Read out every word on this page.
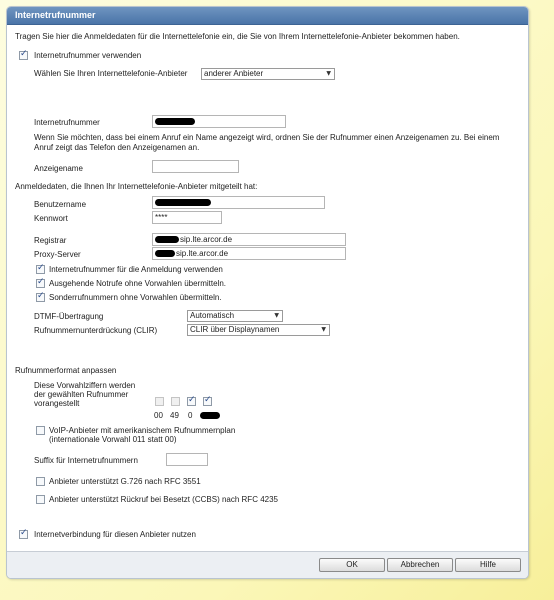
Internetrufnummer
Tragen Sie hier die Anmeldedaten für die Internettelefonie ein, die Sie von Ihrem Internettelefonie-Anbieter bekommen haben.
✓
Internetrufnummer verwenden
Wählen Sie Ihren Internettelefonie-Anbieter	anderer Anbieter	▼
Internetrufnummer
Wenn Sie möchten, dass bei einem Anruf ein Name angezeigt wird, ordnen Sie der Rufnummer einen Anzeigenamen zu. Bei einem Anruf zeigt das Telefon den Anzeigenamen an.
Anzeigename
Anmeldedaten, die Ihnen Ihr Internettelefonie-Anbieter mitgeteilt hat:
Benutzername
Kennwort	****
Registrar	sip.lte.arcor.de
Proxy-Server	sip.lte.arcor.de
✓
Internetrufnummer für die Anmeldung verwenden
✓
Ausgehende Notrufe ohne Vorwahlen übermitteln.
✓
Sonderrufnummern ohne Vorwahlen übermitteln.
DTMF-Übertragung	Automatisch	▼
Rufnummernunterdrückung (CLIR)	CLIR über Displaynamen	▼
Rufnummerformat anpassen
Diese Vorwahlziffern werden
der gewählten Rufnummer
vorangestellt
✓
✓
00 49 0
VoIP-Anbieter mit amerikanischem Rufnummernplan
(internationale Vorwahl 011 statt 00)
Suffix für Internetrufnummern
Anbieter unterstützt G.726 nach RFC 3551
Anbieter unterstützt Rückruf bei Besetzt (CCBS) nach RFC 4235
✓
Internetverbindung für diesen Anbieter nutzen
OK	Abbrechen	Hilfe
